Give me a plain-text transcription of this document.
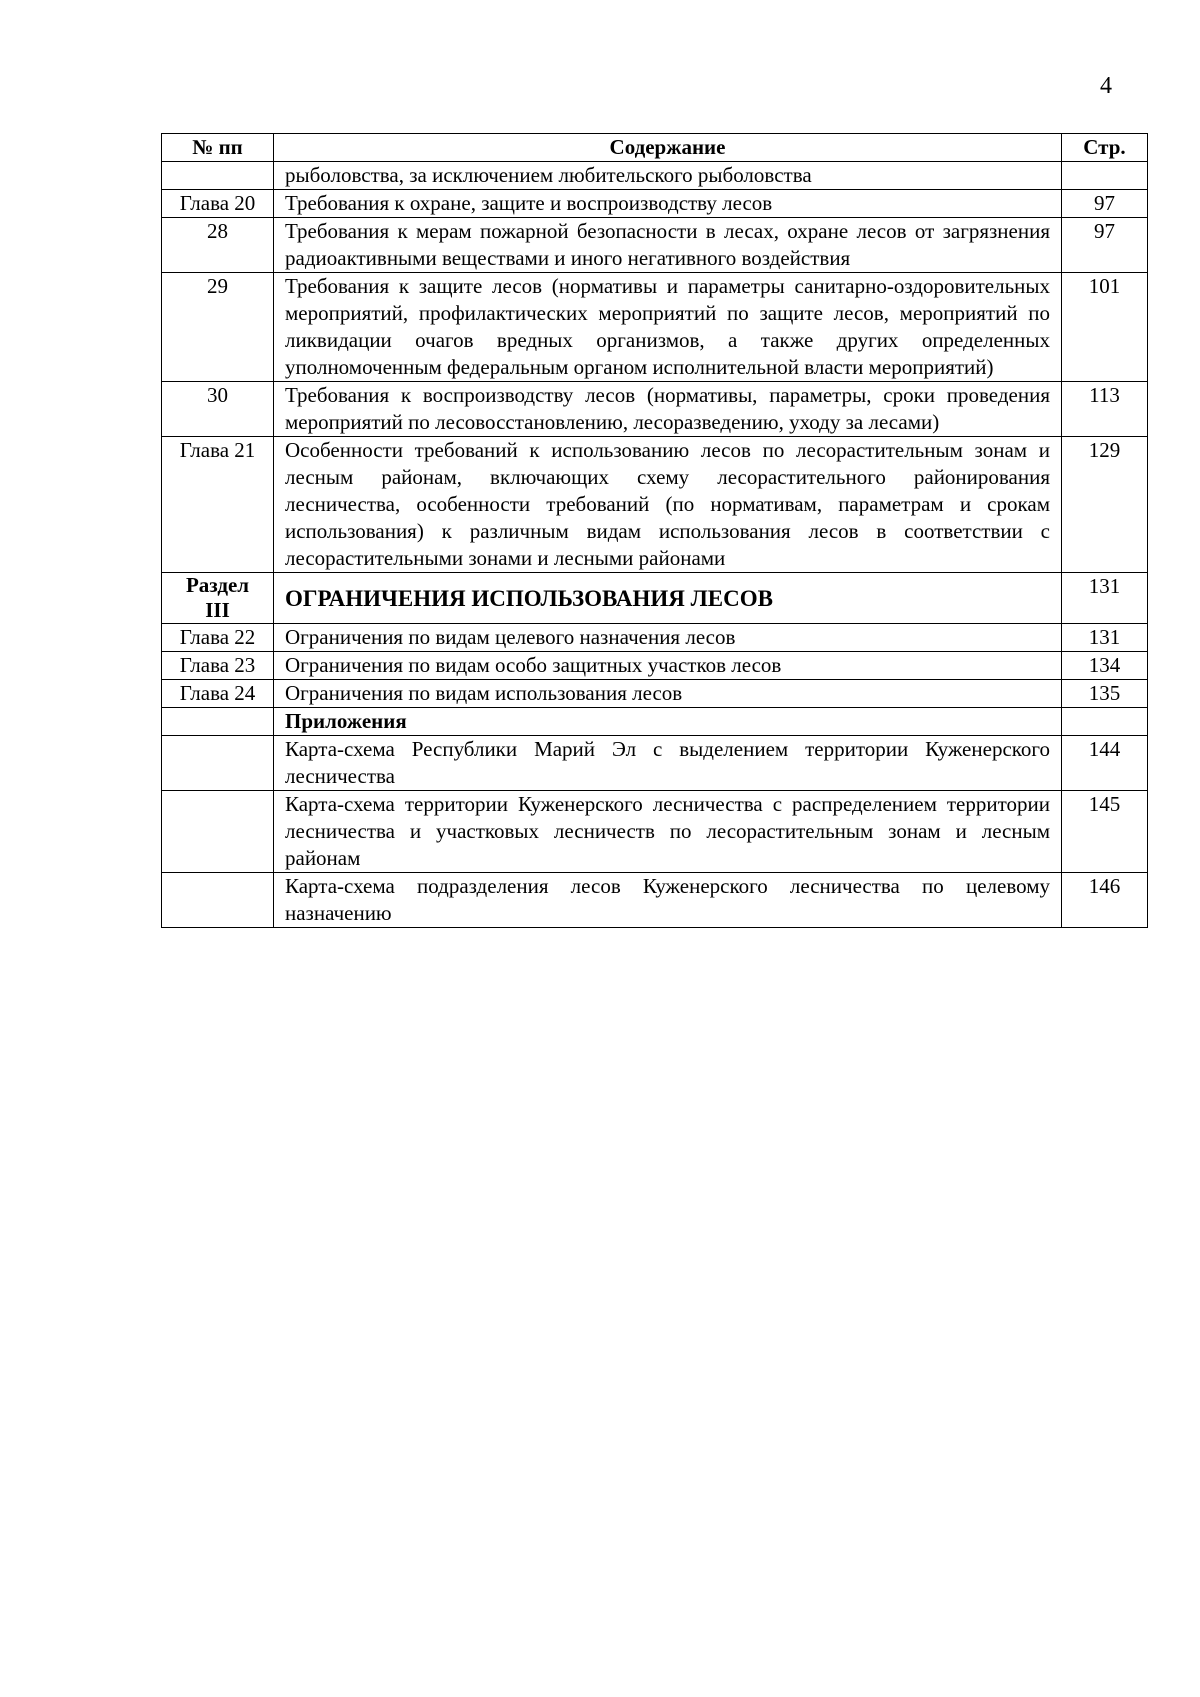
4
№ пп	Содержание	Стр.
	рыболовства, за исключением любительского рыболовства	
Глава 20	Требования к охране, защите и воспроизводству лесов	97
28	Требования к мерам пожарной безопасности в лесах, охране лесов от загрязнения радиоактивными веществами и иного негативного воздействия	97
29	Требования к защите лесов (нормативы и параметры санитарно-оздоровительных мероприятий, профилактических мероприятий по защите лесов, мероприятий по ликвидации очагов вредных организмов, а также других определенных уполномоченным федеральным органом исполнительной власти мероприятий)	101
30	Требования к воспроизводству лесов (нормативы, параметры, сроки проведения мероприятий по лесовосстановлению, лесоразведению, уходу за лесами)	113
Глава 21	Особенности требований к использованию лесов по лесорастительным зонам и лесным районам, включающих схему лесорастительного районирования лесничества, особенности требований (по нормативам, параметрам и срокам использования) к различным видам использования лесов в соответствии с лесорастительными зонами и лесными районами	129
Раздел III	ОГРАНИЧЕНИЯ ИСПОЛЬЗОВАНИЯ ЛЕСОВ	131
Глава 22	Ограничения по видам целевого назначения лесов	131
Глава 23	Ограничения по видам особо защитных участков лесов	134
Глава 24	Ограничения по видам использования лесов	135
	Приложения	
	Карта-схема Республики Марий Эл с выделением территории Куженерского лесничества	144
	Карта-схема территории Куженерского лесничества с распределением территории лесничества и участковых лесничеств по лесорастительным зонам и лесным районам	145
	Карта-схема подразделения лесов Куженерского лесничества по целевому назначению	146
